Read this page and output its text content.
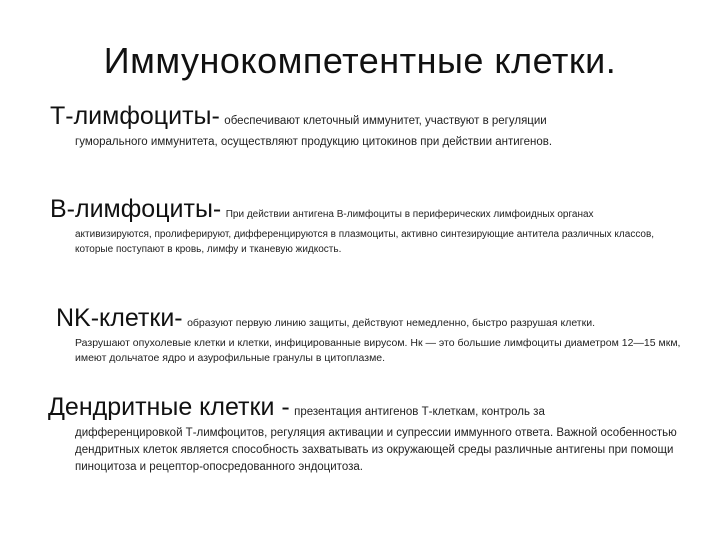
Иммунокомпетентные клетки.
Т-лимфоциты- обеспечивают клеточный иммунитет, участвуют в регуляции
гуморального иммунитета, осуществляют продукцию цитокинов при действии антигенов.
В-лимфоциты- При действии антигена В-лимфоциты в периферических лимфоидных органах
активизируются, пролиферируют, дифференцируются в плазмоциты, активно синтезирующие антитела различных классов, которые поступают в кровь, лимфу и тканевую жидкость.
NK-клетки- образуют первую линию защиты, действуют немедленно, быстро разрушая клетки.
Разрушают опухолевые клетки и клетки, инфицированные вирусом. Нк — это большие лимфоциты диаметром 12—15 мкм, имеют дольчатое ядро и азурофильные гранулы в цитоплазме.
Дендритные клетки - презентация антигенов Т-клеткам, контроль за
дифференцировкой Т-лимфоцитов, регуляция активации и супрессии иммунного ответа. Важной особенностью дендритных клеток является способность захватывать из окружающей среды различные антигены при помощи пиноцитоза и рецептор-опосредованного эндоцитоза.
